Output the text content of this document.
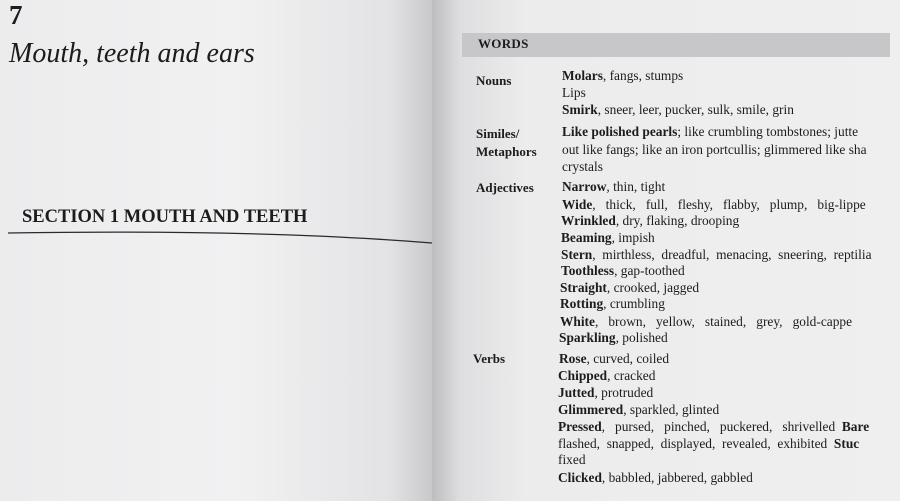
7
Mouth, teeth and ears
SECTION 1 MOUTH AND TEETH
WORDS
Nouns
Similes/
Metaphors
Adjectives
Verbs
Molars, fangs, stumps
Lips
Smirk, sneer, leer, pucker, sulk, smile, grin
Like polished pearls; like crumbling tombstones; jutte
out like fangs; like an iron portcullis; glimmered like sha
crystals
Narrow, thin, tight
Wide,   thick,   full,   fleshy,   flabby,   plump,   big-lippe
Wrinkled, dry, flaking, drooping
Beaming, impish
Stern,  mirthless,  dreadful,  menacing,  sneering,  reptilia
Toothless, gap-toothed
Straight, crooked, jagged
Rotting, crumbling
White,   brown,   yellow,   stained,   grey,   gold-cappe
Sparkling, polished
Rose, curved, coiled
Chipped, cracked
Jutted, protruded
Glimmered, sparkled, glinted
Pressed,   pursed,   pinched,   puckered,   shrivelled  Bare
flashed,  snapped,  displayed,  revealed,  exhibited  Stuc
fixed
Clicked, babbled, jabbered, gabbled
